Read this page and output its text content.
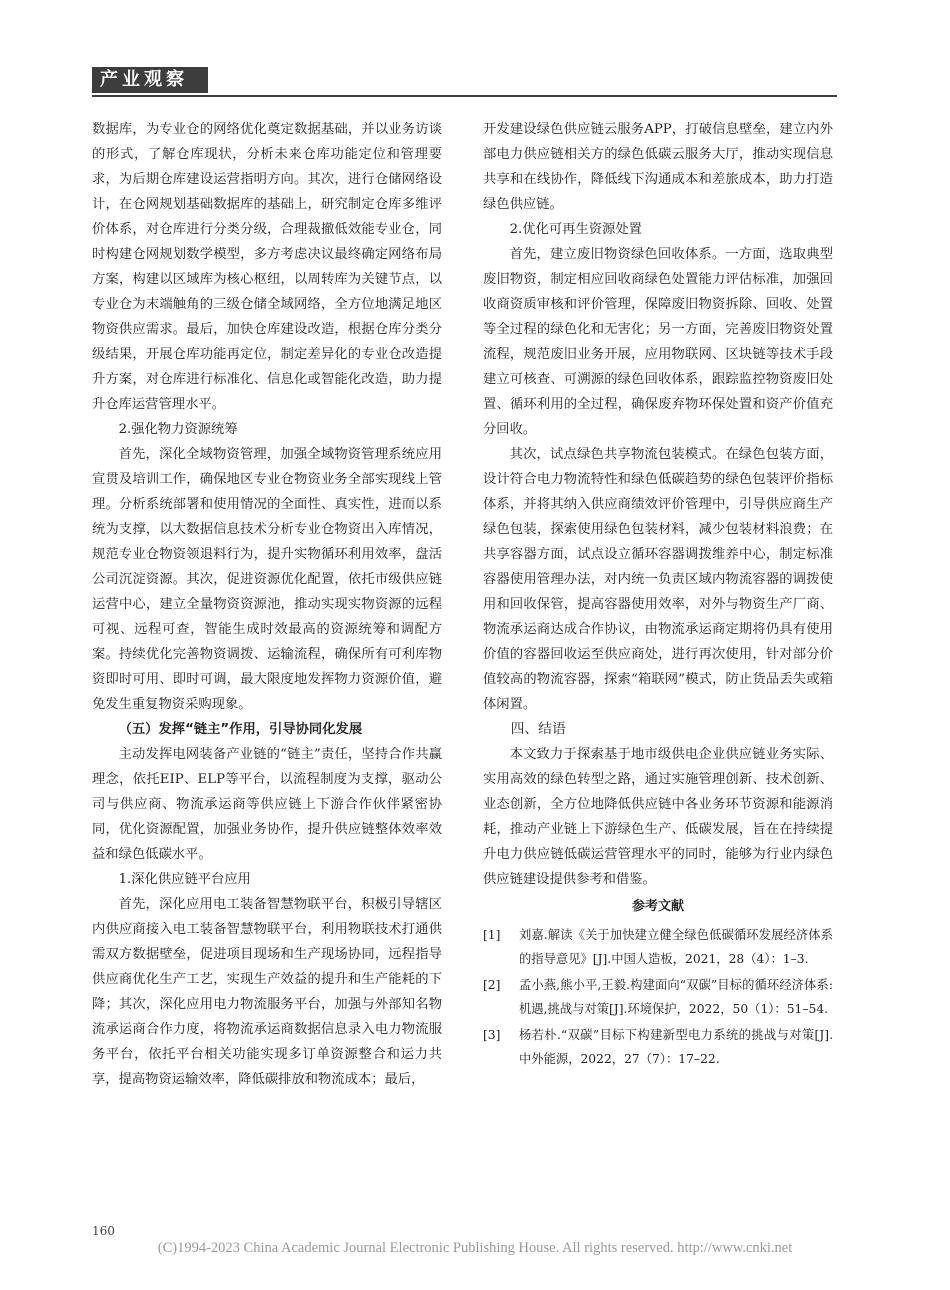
产业观察

数据库，为专业仓的网络优化奠定数据基础，并以业务访谈的形式，了解仓库现状，分析未来仓库功能定位和管理要求，为后期仓库建设运营指明方向。其次，进行仓储网络设计，在仓网规划基础数据库的基础上，研究制定仓库多维评价体系，对仓库进行分类分级，合理裁撤低效能专业仓，同时构建仓网规划数学模型，多方考虑决议最终确定网络布局方案，构建以区域库为核心枢纽，以周转库为关键节点，以专业仓为末端触角的三级仓储全域网络，全方位地满足地区物资供应需求。最后，加快仓库建设改造，根据仓库分类分级结果，开展仓库功能再定位，制定差异化的专业仓改造提升方案，对仓库进行标准化、信息化或智能化改造，助力提升仓库运营管理水平。

2.强化物力资源统筹

首先，深化全域物资管理，加强全域物资管理系统应用宣贯及培训工作，确保地区专业仓物资业务全部实现线上管理。分析系统部署和使用情况的全面性、真实性，进而以系统为支撑，以大数据信息技术分析专业仓物资出入库情况，规范专业仓物资领退料行为，提升实物循环利用效率，盘活公司沉淀资源。其次，促进资源优化配置，依托市级供应链运营中心，建立全量物资资源池，推动实现实物资源的远程可视、远程可查，智能生成时效最高的资源统筹和调配方案。持续优化完善物资调拨、运输流程，确保所有可利库物资即时可用、即时可调，最大限度地发挥物力资源价值，避免发生重复物资采购现象。

（五）发挥“链主”作用，引导协同化发展

主动发挥电网装备产业链的“链主”责任，坚持合作共赢理念，依托EIP、ELP等平台，以流程制度为支撑，驱动公司与供应商、物流承运商等供应链上下游合作伙伴紧密协同，优化资源配置，加强业务协作，提升供应链整体效率效益和绿色低碳水平。

1.深化供应链平台应用

首先，深化应用电工装备智慧物联平台，积极引导辖区内供应商接入电工装备智慧物联平台，利用物联技术打通供需双方数据壁垒，促进项目现场和生产现场协同，远程指导供应商优化生产工艺，实现生产效益的提升和生产能耗的下降；其次，深化应用电力物流服务平台，加强与外部知名物流承运商合作力度，将物流承运商数据信息录入电力物流服务平台，依托平台相关功能实现多订单资源整合和运力共享，提高物资运输效率，降低碳排放和物流成本；最后，

开发建设绿色供应链云服务APP，打破信息壁垒，建立内外部电力供应链相关方的绿色低碳云服务大厅，推动实现信息共享和在线协作，降低线下沟通成本和差旅成本，助力打造绿色供应链。

2.优化可再生资源处置

首先，建立废旧物资绿色回收体系。一方面，选取典型废旧物资，制定相应回收商绿色处置能力评估标准，加强回收商资质审核和评价管理，保障废旧物资拆除、回收、处置等全过程的绿色化和无害化；另一方面，完善废旧物资处置流程，规范废旧业务开展，应用物联网、区块链等技术手段建立可核查、可溯源的绿色回收体系，跟踪监控物资废旧处置、循环利用的全过程，确保废弃物环保处置和资产价值充分回收。

其次，试点绿色共享物流包装模式。在绿色包装方面，设计符合电力物流特性和绿色低碳趋势的绿色包装评价指标体系，并将其纳入供应商绩效评价管理中，引导供应商生产绿色包装，探索使用绿色包装材料，减少包装材料浪费；在共享容器方面，试点设立循环容器调拨维养中心，制定标准容器使用管理办法，对内统一负责区域内物流容器的调拨使用和回收保管，提高容器使用效率，对外与物资生产厂商、物流承运商达成合作协议，由物流承运商定期将仍具有使用价值的容器回收运至供应商处，进行再次使用，针对部分价值较高的物流容器，探索“箱联网”模式，防止货品丢失或箱体闲置。

四、结语

本文致力于探索基于地市级供电企业供应链业务实际、实用高效的绿色转型之路，通过实施管理创新、技术创新、业态创新，全方位地降低供应链中各业务环节资源和能源消耗，推动产业链上下游绿色生产、低碳发展，旨在在持续提升电力供应链低碳运营管理水平的同时，能够为行业内绿色供应链建设提供参考和借鉴。

参考文献
[1] 刘嘉.解读《关于加快建立健全绿色低碳循环发展经济体系的指导意见》[J].中国人造板，2021，28（4）：1–3.
[2] 孟小燕,熊小平,王毅.构建面向“双碳”目标的循环经济体系:机遇,挑战与对策[J].环境保护，2022，50（1）：51–54.
[3] 杨若朴.“双碳”目标下构建新型电力系统的挑战与对策[J].中外能源，2022，27（7）：17–22.
160
(C)1994-2023 China Academic Journal Electronic Publishing House. All rights reserved. http://www.cnki.net
